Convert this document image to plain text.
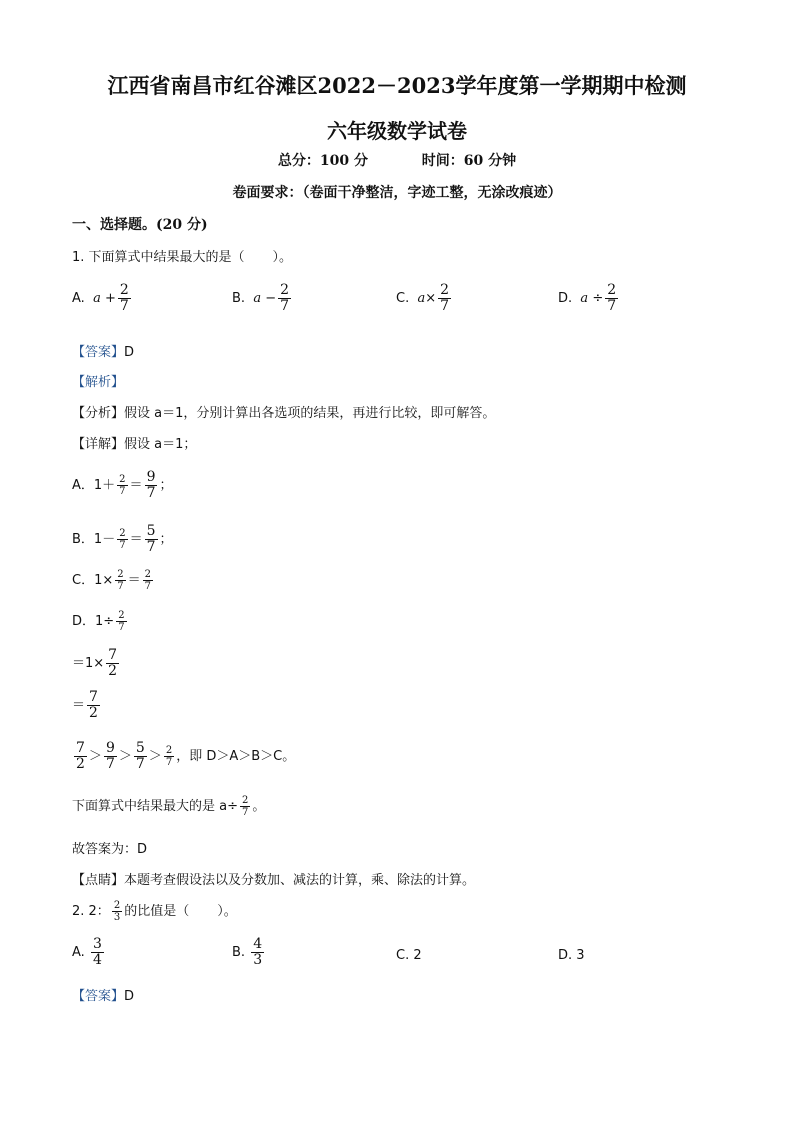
江西省南昌市红谷滩区2022－2023学年度第一学期期中检测
六年级数学试卷
总分：100 分	时间：60 分钟
卷面要求：（卷面干净整洁，字迹工整，无涂改痕迹）
一、选择题。(20 分)
1. 下面算式中结果最大的是（ ）。
A. $a + \frac{2}{7}$	B. $a - \frac{2}{7}$	C. $a\times \frac{2}{7}$	D. $a \div \frac{2}{7}$
【答案】D
【解析】
【分析】假设 a＝1，分别计算出各选项的结果，再进行比较，即可解答。
【详解】假设 a＝1；
A．$1+ \frac{2}{7} = \frac{9}{7}$ ；
B．$1- \frac{2}{7} = \frac{5}{7}$ ；
C．$1\times \frac{2}{7} = \frac{2}{7}$
D．$1\div \frac{2}{7}$
$=1\times \frac{7}{2}$
＝ $\frac{7}{2}$
$\frac{7}{2} > \frac{9}{7} > \frac{5}{7} > \frac{2}{7}$ ，即 D＞A＞B＞C。
下面算式中结果最大的是 $a\div \frac{2}{7}$ 。
故答案为：D
【点睛】本题考查假设法以及分数加、减法的计算，乘、除法的计算。
2. 2： $\frac{2}{3}$ 的比值是（ ）。
A. $\frac{3}{4}$	B. $\frac{4}{3}$	C. 2	D. 3
【答案】D
